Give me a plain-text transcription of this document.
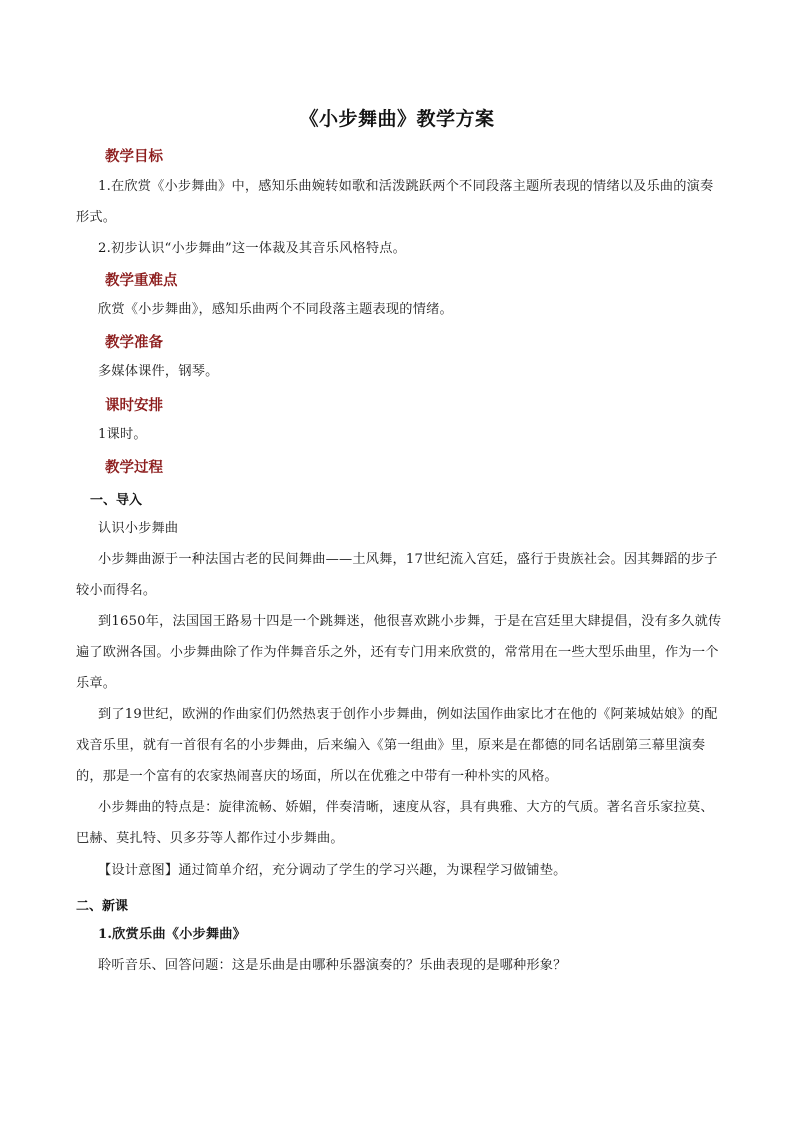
《小步舞曲》教学方案
教学目标
1.在欣赏《小步舞曲》中，感知乐曲婉转如歌和活泼跳跃两个不同段落主题所表现的情绪以及乐曲的演奏形式。
2.初步认识“小步舞曲”这一体裁及其音乐风格特点。
教学重难点
欣赏《小步舞曲》，感知乐曲两个不同段落主题表现的情绪。
教学准备
多媒体课件，钢琴。
课时安排
1课时。
教学过程
一、导入
认识小步舞曲
小步舞曲源于一种法国古老的民间舞曲——土风舞，17世纪流入宫廷，盛行于贵族社会。因其舞蹈的步子较小而得名。
到1650年，法国国王路易十四是一个跳舞迷，他很喜欢跳小步舞，于是在宫廷里大肆提倡，没有多久就传遍了欧洲各国。小步舞曲除了作为伴舞音乐之外，还有专门用来欣赏的，常常用在一些大型乐曲里，作为一个乐章。
到了19世纪，欧洲的作曲家们仍然热衷于创作小步舞曲，例如法国作曲家比才在他的《阿莱城姑娘》的配戏音乐里，就有一首很有名的小步舞曲，后来编入《第一组曲》里，原来是在都德的同名话剧第三幕里演奏的，那是一个富有的农家热闹喜庆的场面，所以在优雅之中带有一种朴实的风格。
小步舞曲的特点是：旋律流畅、娇媚，伴奏清晰，速度从容，具有典雅、大方的气质。著名音乐家拉莫、巴赫、莫扎特、贝多芬等人都作过小步舞曲。
【设计意图】通过简单介绍，充分调动了学生的学习兴趣，为课程学习做铺垫。
二、新课
1.欣赏乐曲《小步舞曲》
聆听音乐、回答问题：这是乐曲是由哪种乐器演奏的？乐曲表现的是哪种形象？
